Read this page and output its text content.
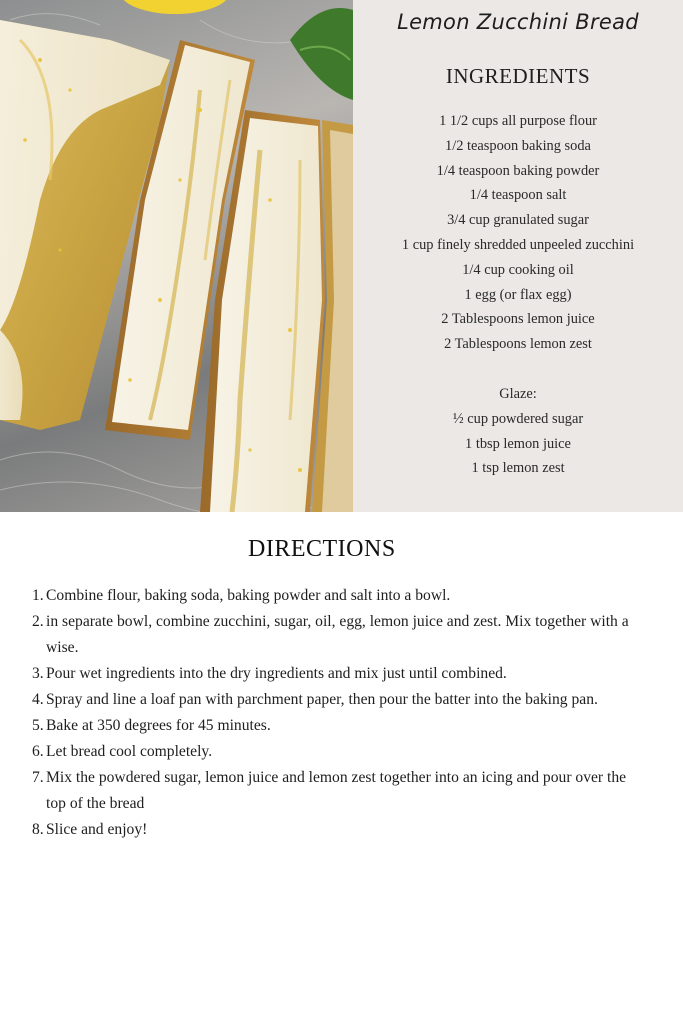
Lemon Zucchini Bread
INGREDIENTS
1 1/2 cups all purpose flour
1/2 teaspoon baking soda
1/4 teaspoon baking powder
1/4 teaspoon salt
3/4 cup granulated sugar
1 cup finely shredded unpeeled zucchini
1/4 cup cooking oil
1 egg (or flax egg)
2 Tablespoons lemon juice
2 Tablespoons lemon zest
Glaze:
½ cup powdered sugar
1 tbsp lemon juice
1 tsp lemon zest
DIRECTIONS
1. Combine flour, baking soda, baking powder and salt into a bowl.
2. in separate bowl, combine zucchini, sugar, oil, egg, lemon juice and zest. Mix together with a wise.
3. Pour wet ingredients into the dry ingredients and mix just until combined.
4. Spray and line a loaf pan with parchment paper, then pour the batter into the baking pan.
5. Bake at 350 degrees for 45 minutes.
6. Let bread cool completely.
7. Mix the powdered sugar, lemon juice and lemon zest together into an icing and pour over the top of the bread
8. Slice and enjoy!
